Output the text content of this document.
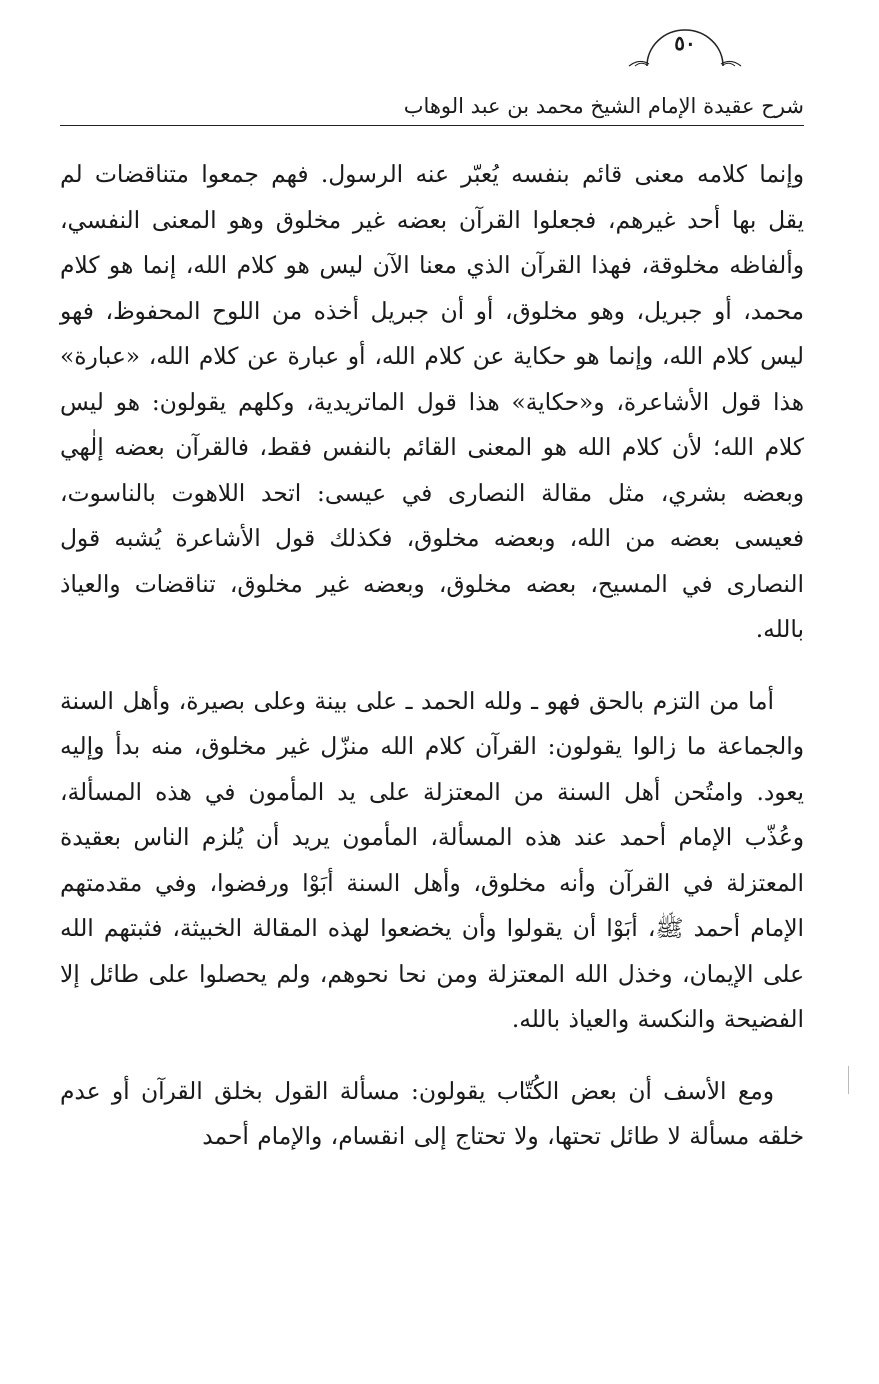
شرح عقيدة الإمام الشيخ محمد بن عبد الوهاب
٥٠

وإنما كلامه معنى قائم بنفسه يُعبّر عنه الرسول. فهم جمعوا متناقضات لم يقل بها أحد غيرهم، فجعلوا القرآن بعضه غير مخلوق وهو المعنى النفسي، وألفاظه مخلوقة، فهذا القرآن الذي معنا الآن ليس هو كلام الله، إنما هو كلام محمد، أو جبريل، وهو مخلوق، أو أن جبريل أخذه من اللوح المحفوظ، فهو ليس كلام الله، وإنما هو حكاية عن كلام الله، أو عبارة عن كلام الله، «عبارة» هذا قول الأشاعرة، و«حكاية» هذا قول الماتريدية، وكلهم يقولون: هو ليس كلام الله؛ لأن كلام الله هو المعنى القائم بالنفس فقط، فالقرآن بعضه إلٰهي وبعضه بشري، مثل مقالة النصارى في عيسى: اتحد اللاهوت بالناسوت، فعيسى بعضه من الله، وبعضه مخلوق، فكذلك قول الأشاعرة يُشبه قول النصارى في المسيح، بعضه مخلوق، وبعضه غير مخلوق، تناقضات والعياذ بالله.

أما من التزم بالحق فهو ـ ولله الحمد ـ على بينة وعلى بصيرة، وأهل السنة والجماعة ما زالوا يقولون: القرآن كلام الله منزّل غير مخلوق، منه بدأ وإليه يعود. وامتُحن أهل السنة من المعتزلة على يد المأمون في هذه المسألة، وعُذّب الإمام أحمد عند هذه المسألة، المأمون يريد أن يُلزم الناس بعقيدة المعتزلة في القرآن وأنه مخلوق، وأهل السنة أبَوْا ورفضوا، وفي مقدمتهم الإمام أحمد ﷺ، أبَوْا أن يقولوا وأن يخضعوا لهذه المقالة الخبيثة، فثبتهم الله على الإيمان، وخذل الله المعتزلة ومن نحا نحوهم، ولم يحصلوا على طائل إلا الفضيحة والنكسة والعياذ بالله.

ومع الأسف أن بعض الكُتّاب يقولون: مسألة القول بخلق القرآن أو عدم خلقه مسألة لا طائل تحتها، ولا تحتاج إلى انقسام، والإمام أحمد
